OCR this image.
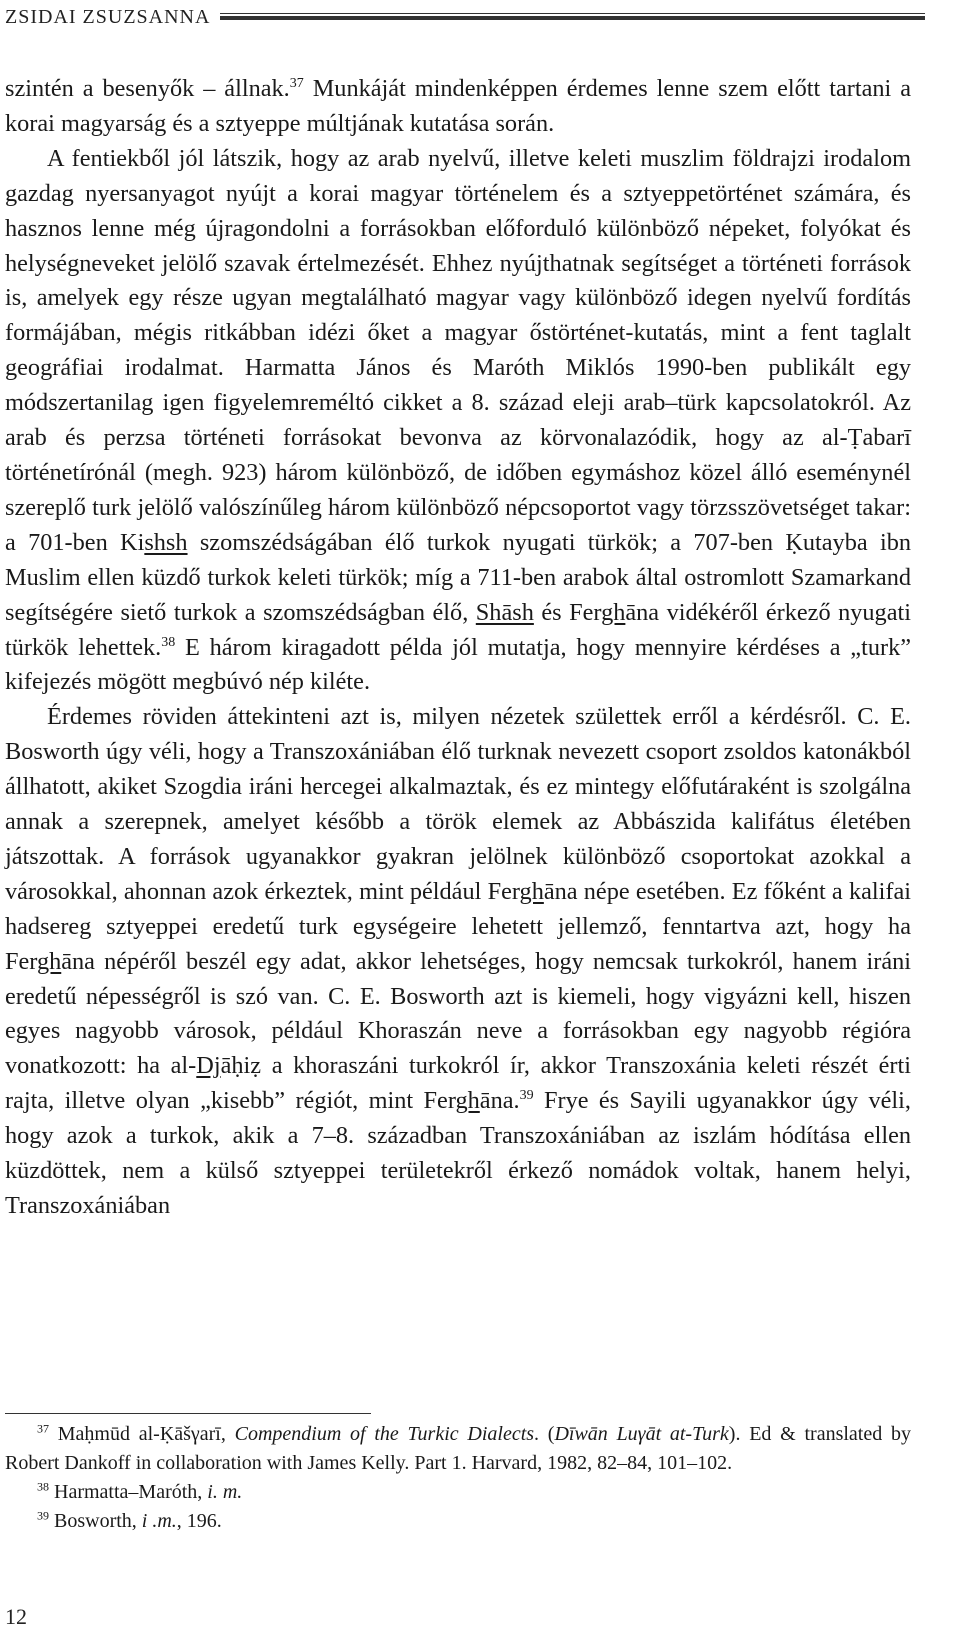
ZSIDAI ZSUZSANNA

szintén a besenyők – állnak.$^{37}$ Munkáját mindenképpen érdemes lenne szem előtt tartani a korai magyarság és a sztyeppe múltjának kutatása során.

A fentiekből jól látszik, hogy az arab nyelvű, illetve keleti muszlim földrajzi irodalom gazdag nyersanyagot nyújt a korai magyar történelem és a sztyeppetörténet számára, és hasznos lenne még újragondolni a forrásokban előforduló különböző népeket, folyókat és helységneveket jelölő szavak értelmezését. Ehhez nyújthatnak segítséget a történeti források is, amelyek egy része ugyan megtalálható magyar vagy különböző idegen nyelvű fordítás formájában, mégis ritkábban idézi őket a magyar őstörténet-kutatás, mint a fent taglalt geográfiai irodalmat. Harmatta János és Maróth Miklós 1990-ben publikált egy módszertanilag igen figyelemreméltó cikket a 8. század eleji arab–türk kapcsolatokról. Az arab és perzsa történeti forrásokat bevonva az körvonalazódik, hogy az al-Ṭabarī történetírónál (megh. 923) három különböző, de időben egymáshoz közel álló eseménynél szereplő turk jelölő valószínűleg három különböző népcsoportot vagy törzsszövetséget takar: a 701-ben Kishsh szomszédságában élő turkok nyugati türkök; a 707-ben Ḳutayba ibn Muslim ellen küzdő turkok keleti türkök; míg a 711-ben arabok által ostromlott Szamarkand segítségére siető turkok a szomszédságban élő, Shāsh és Ferghāna vidékéről érkező nyugati türkök lehettek.$^{38}$ E három kiragadott példa jól mutatja, hogy mennyire kérdéses a „turk” kifejezés mögött megbúvó nép kiléte.

Érdemes röviden áttekinteni azt is, milyen nézetek születtek erről a kérdésről. C. E. Bosworth úgy véli, hogy a Transzoxániában élő turknak nevezett csoport zsoldos katonákból állhatott, akiket Szogdia iráni hercegei alkalmaztak, és ez mintegy előfutáraként is szolgálna annak a szerepnek, amelyet később a török elemek az Abbászida kalifátus életében játszottak. A források ugyanakkor gyakran jelölnek különböző csoportokat azokkal a városokkal, ahonnan azok érkeztek, mint például Ferghāna népe esetében. Ez főként a kalifai hadsereg sztyeppei eredetű turk egységeire lehetett jellemző, fenntartva azt, hogy ha Ferghāna népéről beszél egy adat, akkor lehetséges, hogy nemcsak turkokról, hanem iráni eredetű népességről is szó van. C. E. Bosworth azt is kiemeli, hogy vigyázni kell, hiszen egyes nagyobb városok, például Khoraszán neve a forrásokban egy nagyobb régióra vonatkozott: ha al-Djāḥiẓ a khoraszáni turkokról ír, akkor Transzoxánia keleti részét érti rajta, illetve olyan „kisebb” régiót, mint Ferghāna.$^{39}$ Frye és Sayili ugyanakkor úgy véli, hogy azok a turkok, akik a 7–8. században Transzoxániában az iszlám hódítása ellen küzdöttek, nem a külső sztyeppei területekről érkező nomádok voltak, hanem helyi, Transzoxániában

$^{37}$ Maḥmūd al-Ḳāšγarī, Compendium of the Turkic Dialects. (Dīwān Luγāt at-Turk). Ed & translated by Robert Dankoff in collaboration with James Kelly. Part 1. Harvard, 1982, 82–84, 101–102.

$^{38}$ Harmatta–Maróth, i. m.

$^{39}$ Bosworth, i .m., 196.

12
